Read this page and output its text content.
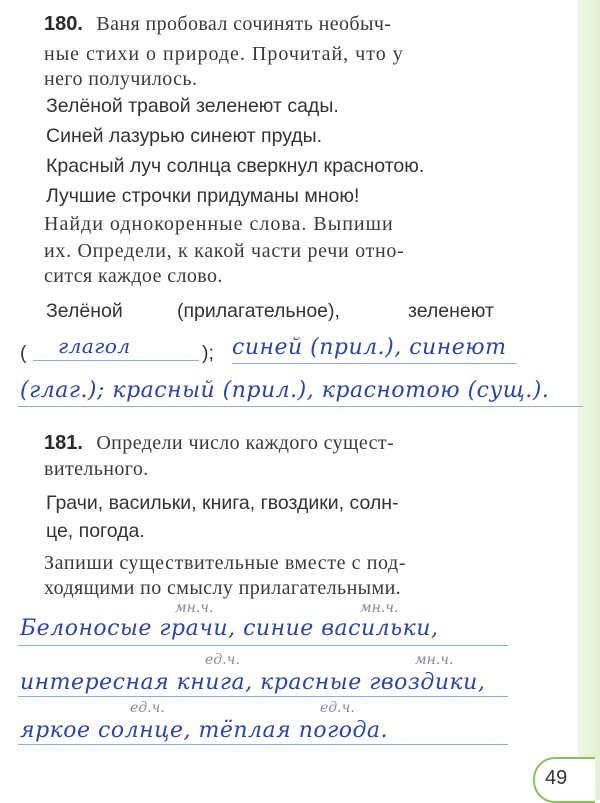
180. Ваня пробовал сочинять необыч-
ные стихи о природе. Прочитай, что у
него получилось.
Зелёной травой зеленеют сады.
Синей лазурью синеют пруды.
Красный луч солнца сверкнул краснотою.
Лучшие строчки придуманы мною!
Найди однокоренные слова. Выпиши
их. Определи, к какой части речи отно-
сится каждое слово.
Зелёной	(прилагательное),	зеленеют
( глагол	); синей (прил.), синеют
(глаг.); красный (прил.), краснотою (сущ.).
181. Определи число каждого сущест-
вительного.
Грачи, васильки, книга, гвоздики, солн-
це, погода.
Запиши существительные вместе с под-
ходящими по смыслу прилагательными.
мн.ч.	мн.ч.
Белоносые грачи, синие васильки,
ед.ч.	мн.ч.
интересная книга, красные гвоздики,
ед.ч.	ед.ч.
яркое солнце, тёплая погода.
49
